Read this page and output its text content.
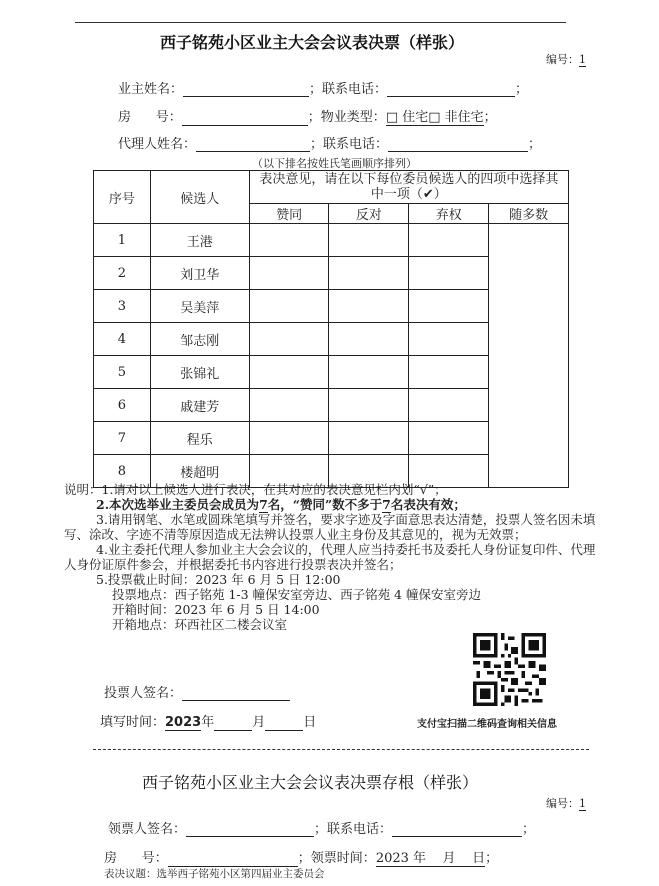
西子铭苑小区业主大会会议表决票（样张）
编号：1
业主姓名：	；联系电话：	；
房      号：	；物业类型：□ 住宅□ 非住宅；
代理人姓名：	；联系电话：	；
（以下排名按姓氏笔画顺序排列）
序号	候选人	表决意见，请在以下每位委员候选人的四项中选择其中一项（✔）			
		赞同	反对	弃权	随多数
1	王港				
2	刘卫华				
3	吴美萍				
4	邹志刚				
5	张锦礼				
6	戚建芳				
7	程乐				
8	楼超明				

说明：1.请对以上候选人进行表决，在其对应的表决意见栏内划“√”；

2.本次选举业主委员会成员为7名，“赞同”数不多于7名表决有效；

3.请用钢笔、水笔或圆珠笔填写并签名，要求字迹及字面意思表达清楚，投票人签名因未填写、涂改、字迹不清等原因造成无法辨认投票人业主身份及其意见的，视为无效票；

4.业主委托代理人参加业主大会会议的，代理人应当持委托书及委托人身份证复印件、代理人身份证原件参会，并根据委托书内容进行投票表决并签名；

5.投票截止时间：2023 年 6 月 5 日 12:00

投票地点：西子铭苑 1-3 幢保安室旁边、西子铭苑 4 幢保安室旁边

开箱时间：2023 年 6 月 5 日 14:00

开箱地点：环西社区二楼会议室

投票人签名：
填写时间：2023年	月	日	支付宝扫描二维码查询相关信息
西子铭苑小区业主大会会议表决票存根（样张）
编号：1
领票人签名：	；联系电话：	；
房      号：	；领票时间：2023 年    月    日；
表决议题：选举西子铭苑小区第四届业主委员会
